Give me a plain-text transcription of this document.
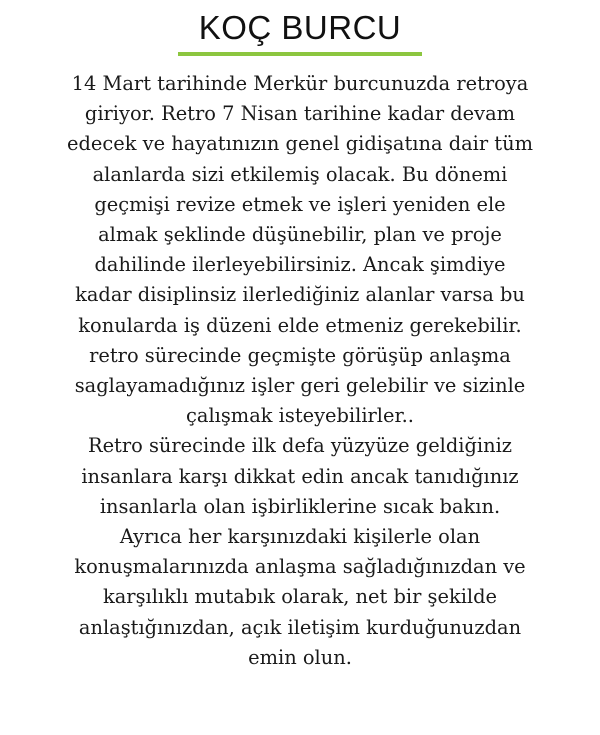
KOÇ BURCU
14 Mart tarihinde Merkür burcunuzda retroya
giriyor. Retro 7 Nisan tarihine kadar devam
edecek ve hayatınızın genel gidişatına dair tüm
alanlarda sizi etkilemiş olacak. Bu dönemi
geçmişi revize etmek ve işleri yeniden ele
almak şeklinde düşünebilir, plan ve proje
dahilinde ilerleyebilirsiniz. Ancak şimdiye
kadar disiplinsiz ilerlediğiniz alanlar varsa bu
konularda iş düzeni elde etmeniz gerekebilir.
retro sürecinde geçmişte görüşüp anlaşma
saglayamadığınız işler geri gelebilir ve sizinle
çalışmak isteyebilirler..
Retro sürecinde ilk defa yüzyüze geldiğiniz
insanlara karşı dikkat edin ancak tanıdığınız
insanlarla olan işbirliklerine sıcak bakın.
Ayrıca her karşınızdaki kişilerle olan
konuşmalarınızda anlaşma sağladığınızdan ve
karşılıklı mutabık olarak, net bir şekilde
anlaştığınızdan, açık iletişim kurduğunuzdan
emin olun.
